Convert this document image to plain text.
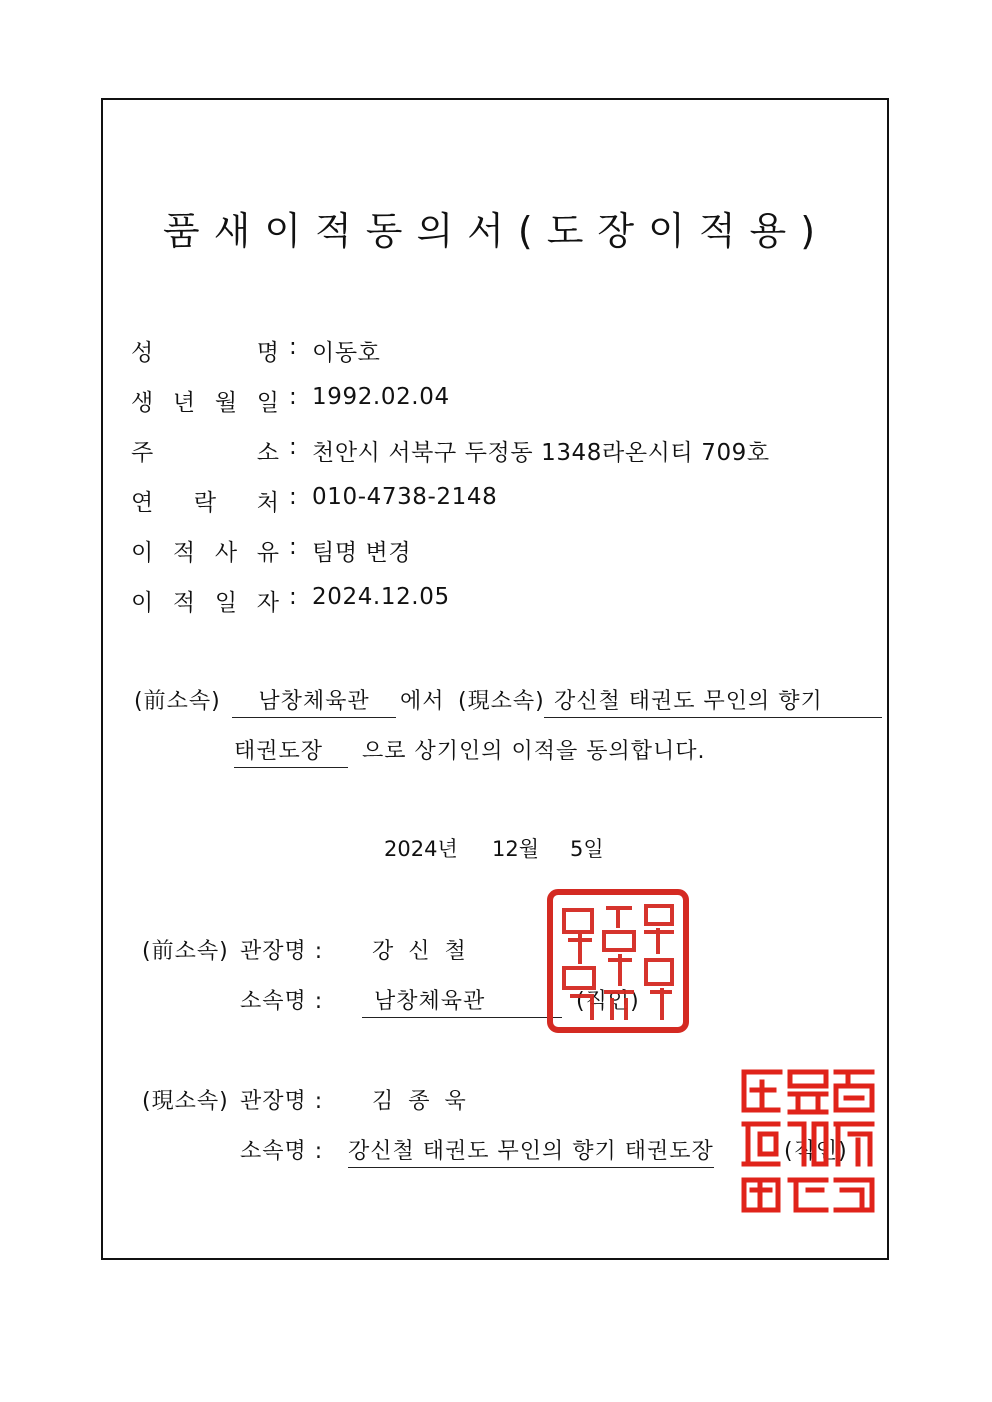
품새이적동의서(도장이적용)
성	명 : 이동호
생 년 월 일 : 1992.02.04
주	소 : 천안시 서북구 두정동 1348라온시티 709호
연 락 처 : 010-4738-2148
이 적 사 유 : 팀명 변경
이 적 일 자 : 2024.12.05
(前소속)	남창체육관	에서 (現소속) 강신철 태권도 무인의 향기
태권도장	으로 상기인의 이적을 동의합니다.
2024년 12월 5일
(前소속) 관장명 : 강 신 철
소속명 :	남창체육관	(직인)
(現소속) 관장명 : 김 종 욱
소속명 : 강신철 태권도 무인의 향기 태권도장	(직인)
